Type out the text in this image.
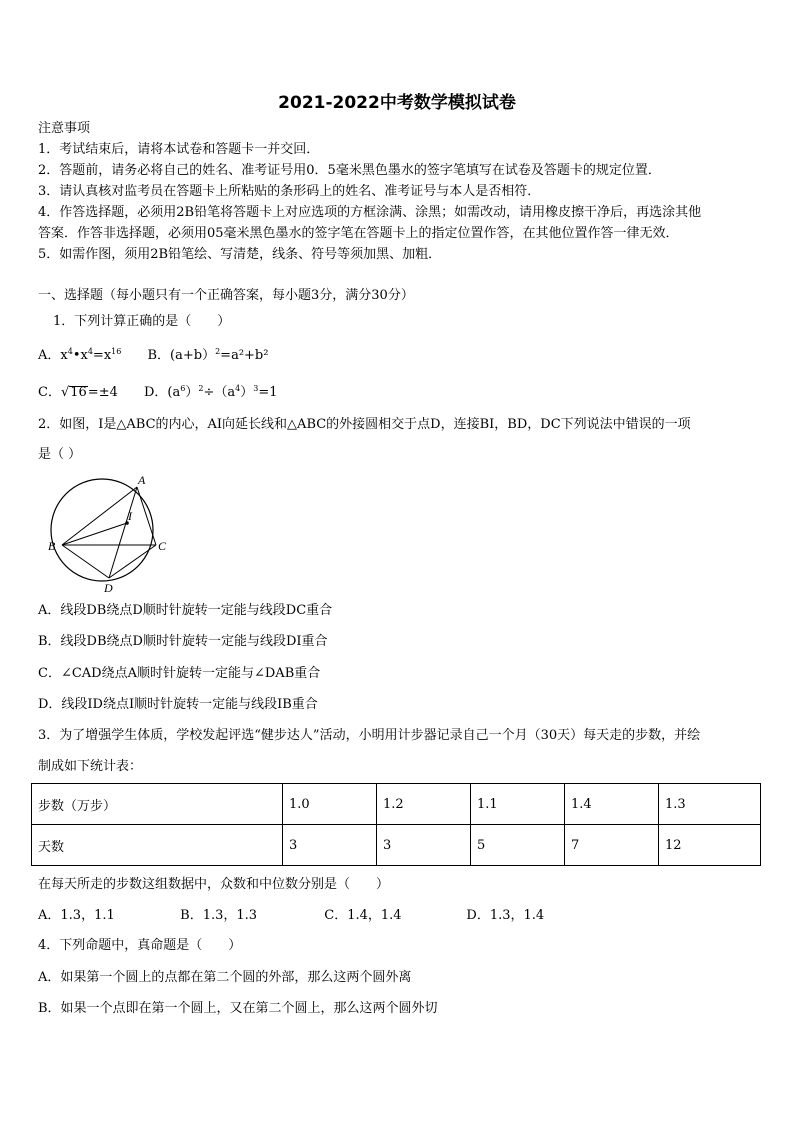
2021-2022中考数学模拟试卷
注意事项
1．考试结束后，请将本试卷和答题卡一并交回．
2．答题前，请务必将自己的姓名、准考证号用0．5毫米黑色墨水的签字笔填写在试卷及答题卡的规定位置．
3．请认真核对监考员在答题卡上所粘贴的条形码上的姓名、准考证号与本人是否相符．
4．作答选择题，必须用2B铅笔将答题卡上对应选项的方框涂满、涂黑；如需改动，请用橡皮擦干净后，再选涂其他
答案．作答非选择题，必须用05毫米黑色墨水的签字笔在答题卡上的指定位置作答，在其他位置作答一律无效．
5．如需作图，须用2B铅笔绘、写清楚，线条、符号等须加黑、加粗．
一、选择题（每小题只有一个正确答案，每小题3分，满分30分）
1．下列计算正确的是（　　）
A．$x^4•x^4=x^{16}$ B．(a+b）$^2$=a²+b²
C．√16=±4 D．$(a^6)^2\div(a^4)^3=1$
2．如图，I是△ABC的内心，AI向延长线和△ABC的外接圆相交于点D，连接BI，BD，DC下列说法中错误的一项
是（ ）
A
I
B	C
D
A．线段DB绕点D顺时针旋转一定能与线段DC重合
B．线段DB绕点D顺时针旋转一定能与线段DI重合
C．∠CAD绕点A顺时针旋转一定能与∠DAB重合
D．线段ID绕点I顺时针旋转一定能与线段IB重合
3．为了增强学生体质，学校发起评选“健步达人”活动，小明用计步器记录自己一个月（30天）每天走的步数，并绘
制成如下统计表：
步数（万步）	1.0	1.2	1.1	1.4	1.3
天数	3	3	5	7	12
在每天所走的步数这组数据中，众数和中位数分别是（　　）
A．1.3，1.1	B．1.3，1.3	C．1.4，1.4	D．1.3，1.4
4．下列命题中，真命题是（　　）
A．如果第一个圆上的点都在第二个圆的外部，那么这两个圆外离
B．如果一个点即在第一个圆上，又在第二个圆上，那么这两个圆外切
